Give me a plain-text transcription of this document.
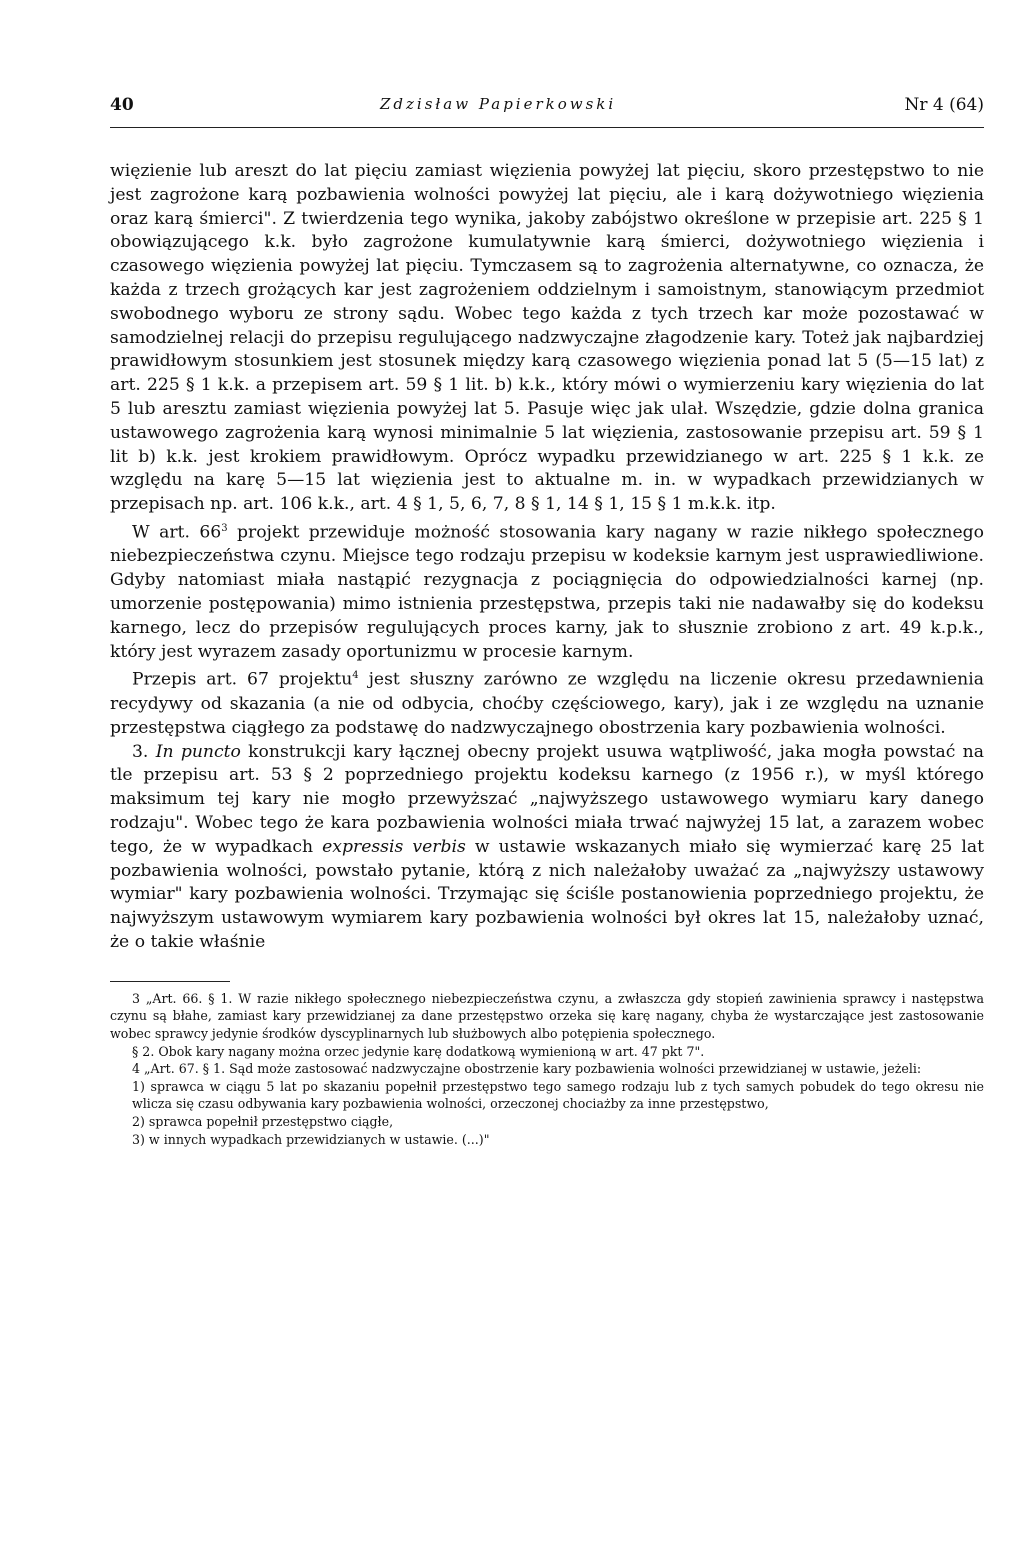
40	Zdzisław Papierkowski	Nr 4 (64)

więzienie lub areszt do lat pięciu zamiast więzienia powyżej lat pięciu, skoro przestępstwo to nie jest zagrożone karą pozbawienia wolności powyżej lat pięciu, ale i karą dożywotniego więzienia oraz karą śmierci". Z twierdzenia tego wynika, jakoby zabójstwo określone w przepisie art. 225 § 1 obowiązującego k.k. było zagrożone kumulatywnie karą śmierci, dożywotniego więzienia i czasowego więzienia powyżej lat pięciu. Tymczasem są to zagrożenia alternatywne, co oznacza, że każda z trzech grożących kar jest zagrożeniem oddzielnym i samoistnym, stanowiącym przedmiot swobodnego wyboru ze strony sądu. Wobec tego każda z tych trzech kar może pozostawać w samodzielnej relacji do przepisu regulującego nadzwyczajne złagodzenie kary. Toteż jak najbardziej prawidłowym stosunkiem jest stosunek między karą czasowego więzienia ponad lat 5 (5—15 lat) z art. 225 § 1 k.k. a przepisem art. 59 § 1 lit. b) k.k., który mówi o wymierzeniu kary więzienia do lat 5 lub aresztu zamiast więzienia powyżej lat 5. Pasuje więc jak ulał. Wszędzie, gdzie dolna granica ustawowego zagrożenia karą wynosi minimalnie 5 lat więzienia, zastosowanie przepisu art. 59 § 1 lit b) k.k. jest krokiem prawidłowym. Oprócz wypadku przewidzianego w art. 225 § 1 k.k. ze względu na karę 5—15 lat więzienia jest to aktualne m. in. w wypadkach przewidzianych w przepisach np. art. 106 k.k., art. 4 § 1, 5, 6, 7, 8 § 1, 14 § 1, 15 § 1 m.k.k. itp.

W art. $66^3$ projekt przewiduje możność stosowania kary nagany w razie nikłego społecznego niebezpieczeństwa czynu. Miejsce tego rodzaju przepisu w kodeksie karnym jest usprawiedliwione. Gdyby natomiast miała nastąpić rezygnacja z pociągnięcia do odpowiedzialności karnej (np. umorzenie postępowania) mimo istnienia przestępstwa, przepis taki nie nadawałby się do kodeksu karnego, lecz do przepisów regulujących proces karny, jak to słusznie zrobiono z art. 49 k.p.k., który jest wyrazem zasady oportunizmu w procesie karnym.

Przepis art. 67 projektu$^4$ jest słuszny zarówno ze względu na liczenie okresu przedawnienia recydywy od skazania (a nie od odbycia, choćby częściowego, kary), jak i ze względu na uznanie przestępstwa ciągłego za podstawę do nadzwyczajnego obostrzenia kary pozbawienia wolności.

3. In puncto konstrukcji kary łącznej obecny projekt usuwa wątpliwość, jaka mogła powstać na tle przepisu art. 53 § 2 poprzedniego projektu kodeksu karnego (z 1956 r.), w myśl którego maksimum tej kary nie mogło przewyższać „najwyższego ustawowego wymiaru kary danego rodzaju". Wobec tego że kara pozbawienia wolności miała trwać najwyżej 15 lat, a zarazem wobec tego, że w wypadkach expressis verbis w ustawie wskazanych miało się wymierzać karę 25 lat pozbawienia wolności, powstało pytanie, którą z nich należałoby uważać za „najwyższy ustawowy wymiar" kary pozbawienia wolności. Trzymając się ściśle postanowienia poprzedniego projektu, że najwyższym ustawowym wymiarem kary pozbawienia wolności był okres lat 15, należałoby uznać, że o takie właśnie

3 „Art. 66. § 1. W razie nikłego społecznego niebezpieczeństwa czynu, a zwłaszcza gdy stopień zawinienia sprawcy i następstwa czynu są błahe, zamiast kary przewidzianej za dane przestępstwo orzeka się karę nagany, chyba że wystarczające jest zastosowanie wobec sprawcy jedynie środków dyscyplinarnych lub służbowych albo potępienia społecznego.

§ 2. Obok kary nagany można orzec jedynie karę dodatkową wymienioną w art. 47 pkt 7".

4 „Art. 67. § 1. Sąd może zastosować nadzwyczajne obostrzenie kary pozbawienia wolności przewidzianej w ustawie, jeżeli:

1) sprawca w ciągu 5 lat po skazaniu popełnił przestępstwo tego samego rodzaju lub z tych samych pobudek do tego okresu nie wlicza się czasu odbywania kary pozbawienia wolności, orzeczonej chociażby za inne przestępstwo,

2) sprawca popełnił przestępstwo ciągłe,

3) w innych wypadkach przewidzianych w ustawie. (...)"
